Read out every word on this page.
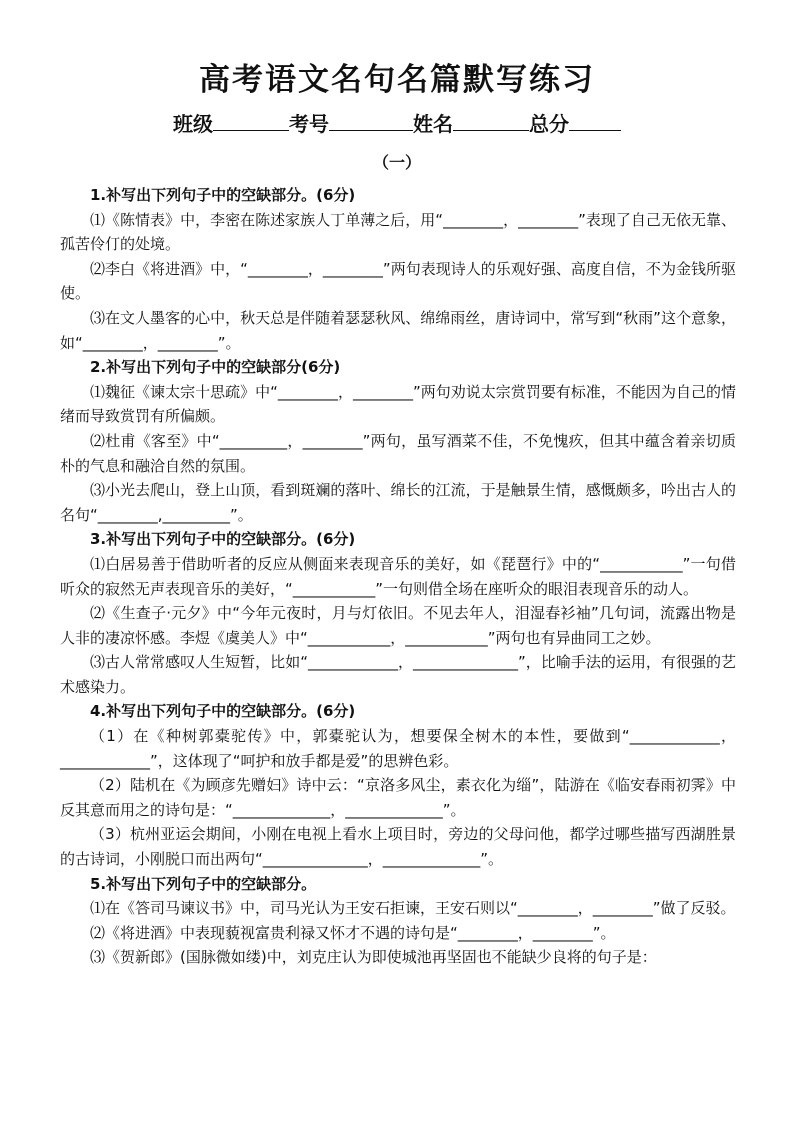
高考语文名句名篇默写练习
班级	考号	姓名	总分
（一）

1.补写出下列句子中的空缺部分。(6分)

⑴《陈情表》中，李密在陈述家族人丁单薄之后，用“________，________”表现了自己无依无靠、孤苦伶仃的处境。

⑵李白《将进酒》中，“________，________”两句表现诗人的乐观好强、高度自信，不为金钱所驱使。

⑶在文人墨客的心中，秋天总是伴随着瑟瑟秋风、绵绵雨丝，唐诗词中，常写到“秋雨”这个意象，如“________，________”。

2.补写出下列句子中的空缺部分(6分)

⑴魏征《谏太宗十思疏》中“________，________”两句劝说太宗赏罚要有标准，不能因为自己的情绪而导致赏罚有所偏颇。

⑵杜甫《客至》中“_________，________”两句，虽写酒菜不佳，不免愧疚，但其中蕴含着亲切质朴的气息和融洽自然的氛围。

⑶小光去爬山，登上山顶，看到斑斓的落叶、绵长的江流，于是触景生情，感慨颇多，吟出古人的名句“________,_________”。

3.补写出下列句子中的空缺部分。(6分)

⑴白居易善于借助听者的反应从侧面来表现音乐的美好，如《琵琶行》中的“___________”一句借听众的寂然无声表现音乐的美好，“___________”一句则借全场在座听众的眼泪表现音乐的动人。

⑵《生查子·元夕》中“今年元夜时，月与灯依旧。不见去年人，泪湿春衫袖”几句词，流露出物是人非的凄凉怀感。李煜《虞美人》中“___________，___________”两句也有异曲同工之妙。

⑶古人常常感叹人生短暂，比如“____________，______________”，比喻手法的运用，有很强的艺术感染力。

4.补写出下列句子中的空缺部分。(6分)

（1）在《种树郭橐驼传》中，郭橐驼认为，想要保全树木的本性，要做到“____________，____________”，这体现了“呵护和放手都是爱”的思辨色彩。

（2）陆机在《为顾彦先赠妇》诗中云：“京洛多风尘，素衣化为缁”，陆游在《临安春雨初霁》中反其意而用之的诗句是：“_____________，_____________”。

（3）杭州亚运会期间，小刚在电视上看水上项目时，旁边的父母问他，都学过哪些描写西湖胜景的古诗词，小刚脱口而出两句“______________，_____________”。

5.补写出下列句子中的空缺部分。

⑴在《答司马谏议书》中，司马光认为王安石拒谏，王安石则以“________，________”做了反驳。

⑵《将进酒》中表现藐视富贵利禄又怀才不遇的诗句是“________，________”。

⑶《贺新郎》(国脉微如缕)中，刘克庄认为即使城池再坚固也不能缺少良将的句子是：
